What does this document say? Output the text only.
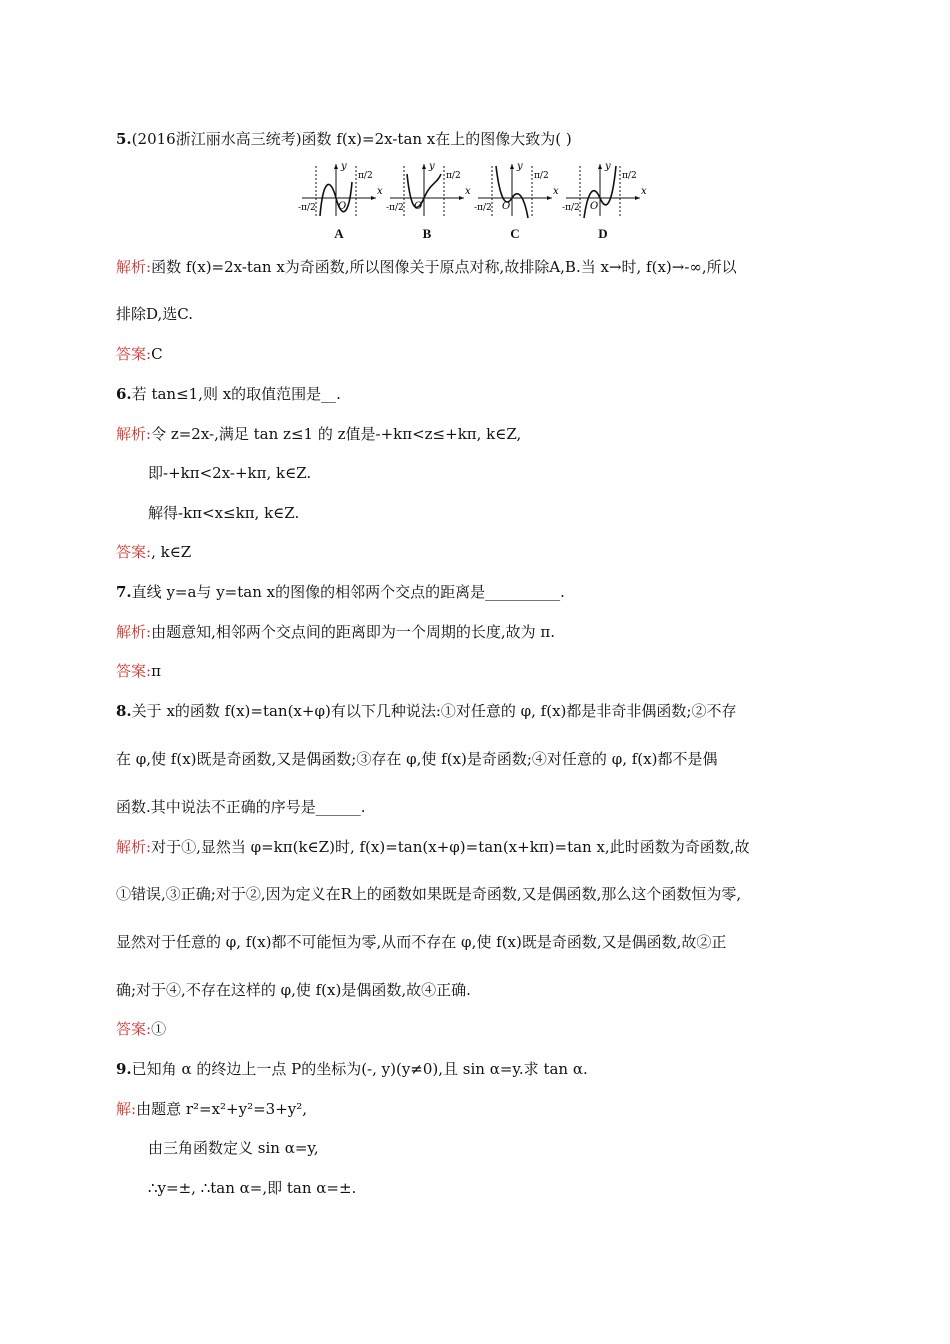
5.(2016浙江丽水高三统考)函数 f(x)=2x-tan x在上的图像大致为( )
y
x
O
π/2
-π/2
A
y
x
O
π/2
-π/2
B
y
x
O
π/2
-π/2
C
y
x
O
π/2
-π/2
D
解析:函数 f(x)=2x-tan x为奇函数,所以图像关于原点对称,故排除A,B.当 x→时, f(x)→-∞,所以
排除D,选C.
答案:C
6.若 tan≤1,则 x的取值范围是__.
解析:令 z=2x-,满足 tan z≤1 的 z值是-+kπ<z≤+kπ, k∈Z,
即-+kπ<2x-+kπ, k∈Z.
解得-kπ<x≤kπ, k∈Z.
答案:, k∈Z
7.直线 y=a与 y=tan x的图像的相邻两个交点的距离是__________.
解析:由题意知,相邻两个交点间的距离即为一个周期的长度,故为 π.
答案:π
8.关于 x的函数 f(x)=tan(x+φ)有以下几种说法:①对任意的 φ, f(x)都是非奇非偶函数;②不存
在 φ,使 f(x)既是奇函数,又是偶函数;③存在 φ,使 f(x)是奇函数;④对任意的 φ, f(x)都不是偶
函数.其中说法不正确的序号是______.
解析:对于①,显然当 φ=kπ(k∈Z)时, f(x)=tan(x+φ)=tan(x+kπ)=tan x,此时函数为奇函数,故
①错误,③正确;对于②,因为定义在R上的函数如果既是奇函数,又是偶函数,那么这个函数恒为零,
显然对于任意的 φ, f(x)都不可能恒为零,从而不存在 φ,使 f(x)既是奇函数,又是偶函数,故②正
确;对于④,不存在这样的 φ,使 f(x)是偶函数,故④正确.
答案:①
9.已知角 α 的终边上一点 P的坐标为(-, y)(y≠0),且 sin α=y.求 tan α.
解:由题意 r²=x²+y²=3+y²,
由三角函数定义 sin α=y,
∴y=±, ∴tan α=,即 tan α=±.
